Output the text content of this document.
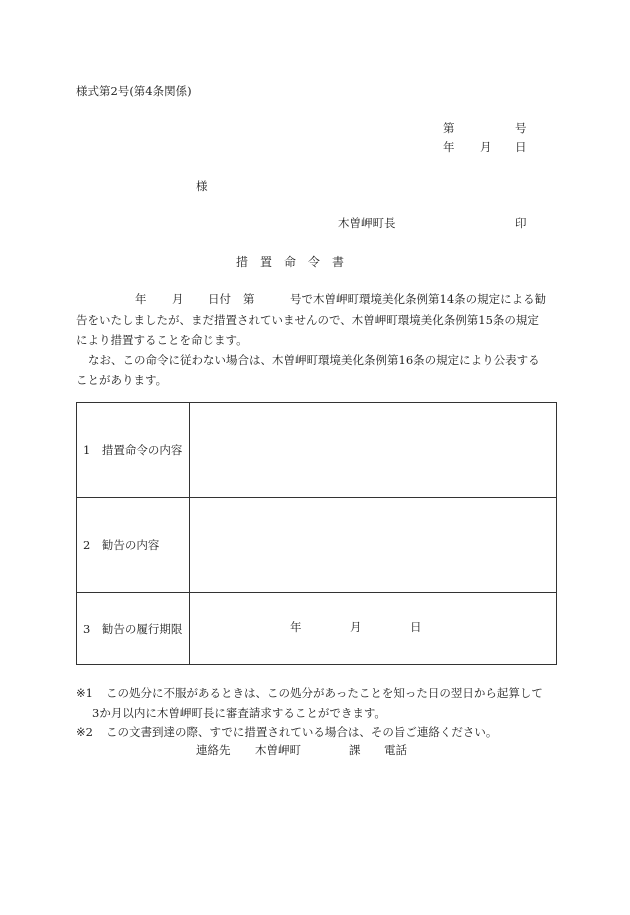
様式第2号(第4条関係)
第	号
年 月 日
様
木曽岬町長	印
措　置　命　令　書
年 月 日付 第	号で木曽岬町環境美化条例第14条の規定による勧
告をいたしましたが、まだ措置されていませんので、木曽岬町環境美化条例第15条の規定
により措置することを命じます。
なお、この命令に従わない場合は、木曽岬町環境美化条例第16条の規定により公表する
ことがあります。
1　措置命令の内容	
2　勧告の内容	
3　勧告の履行期限	年 月 日
※1 この処分に不服があるときは、この処分があったことを知った日の翌日から起算して
3か月以内に木曽岬町長に審査請求することができます。
※2 この文書到達の際、すでに措置されている場合は、その旨ご連絡ください。
連絡先 木曽岬町	課 電話
